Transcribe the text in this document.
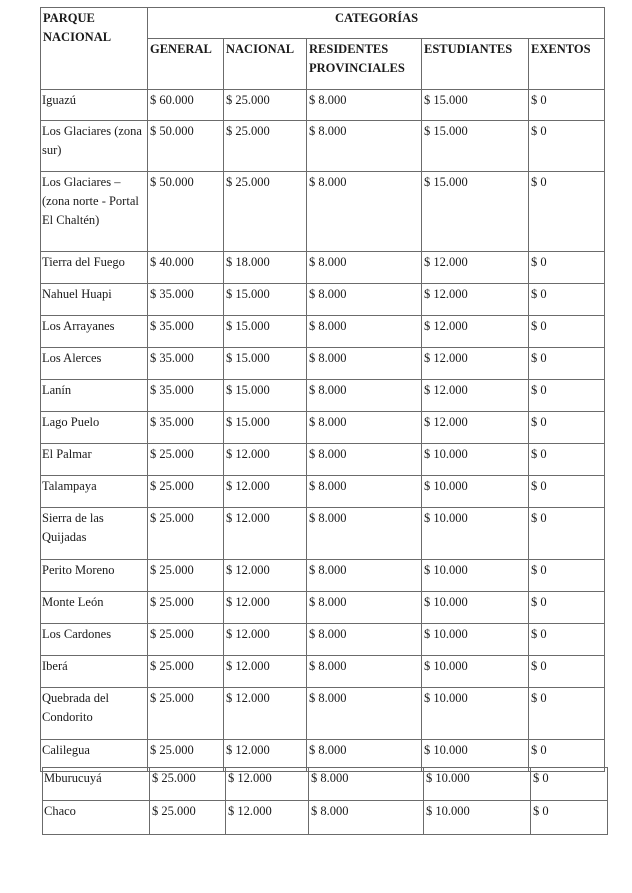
PARQUE NACIONAL	CATEGORÍAS				
	GENERAL	NACIONAL	RESIDENTES PROVINCIALES	ESTUDIANTES	EXENTOS
Iguazú	$ 60.000	$ 25.000	$ 8.000	$ 15.000	$ 0
Los Glaciares (zona sur)	$ 50.000	$ 25.000	$ 8.000	$ 15.000	$ 0
Los Glaciares – (zona norte - Portal El Chaltén)	$ 50.000	$ 25.000	$ 8.000	$ 15.000	$ 0
Tierra del Fuego	$ 40.000	$ 18.000	$ 8.000	$ 12.000	$ 0
Nahuel Huapi	$ 35.000	$ 15.000	$ 8.000	$ 12.000	$ 0
Los Arrayanes	$ 35.000	$ 15.000	$ 8.000	$ 12.000	$ 0
Los Alerces	$ 35.000	$ 15.000	$ 8.000	$ 12.000	$ 0
Lanín	$ 35.000	$ 15.000	$ 8.000	$ 12.000	$ 0
Lago Puelo	$ 35.000	$ 15.000	$ 8.000	$ 12.000	$ 0
El Palmar	$ 25.000	$ 12.000	$ 8.000	$ 10.000	$ 0
Talampaya	$ 25.000	$ 12.000	$ 8.000	$ 10.000	$ 0
Sierra de las Quijadas	$ 25.000	$ 12.000	$ 8.000	$ 10.000	$ 0
Perito Moreno	$ 25.000	$ 12.000	$ 8.000	$ 10.000	$ 0
Monte León	$ 25.000	$ 12.000	$ 8.000	$ 10.000	$ 0
Los Cardones	$ 25.000	$ 12.000	$ 8.000	$ 10.000	$ 0
Iberá	$ 25.000	$ 12.000	$ 8.000	$ 10.000	$ 0
Quebrada del Condorito	$ 25.000	$ 12.000	$ 8.000	$ 10.000	$ 0
Calilegua	$ 25.000	$ 12.000	$ 8.000	$ 10.000	$ 0
Mburucuyá	$ 25.000	$ 12.000	$ 8.000	$ 10.000	$ 0
Chaco	$ 25.000	$ 12.000	$ 8.000	$ 10.000	$ 0
